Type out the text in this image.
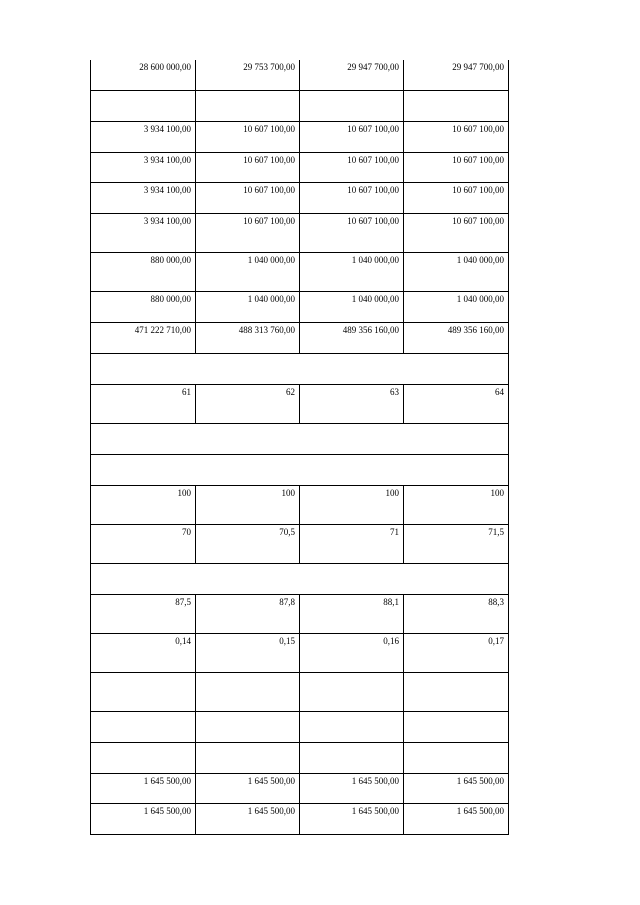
28 600 000,00	29 753 700,00	29 947 700,00	29 947 700,00

3 934 100,00	10 607 100,00	10 607 100,00	10 607 100,00
3 934 100,00	10 607 100,00	10 607 100,00	10 607 100,00
3 934 100,00	10 607 100,00	10 607 100,00	10 607 100,00
3 934 100,00	10 607 100,00	10 607 100,00	10 607 100,00
880 000,00	1 040 000,00	1 040 000,00	1 040 000,00
880 000,00	1 040 000,00	1 040 000,00	1 040 000,00
471 222 710,00	488 313 760,00	489 356 160,00	489 356 160,00

61	62	63	64

100	100	100	100
70	70,5	71	71,5

87,5	87,8	88,1	88,3
0,14	0,15	0,16	0,17

1 645 500,00	1 645 500,00	1 645 500,00	1 645 500,00
1 645 500,00	1 645 500,00	1 645 500,00	1 645 500,00
